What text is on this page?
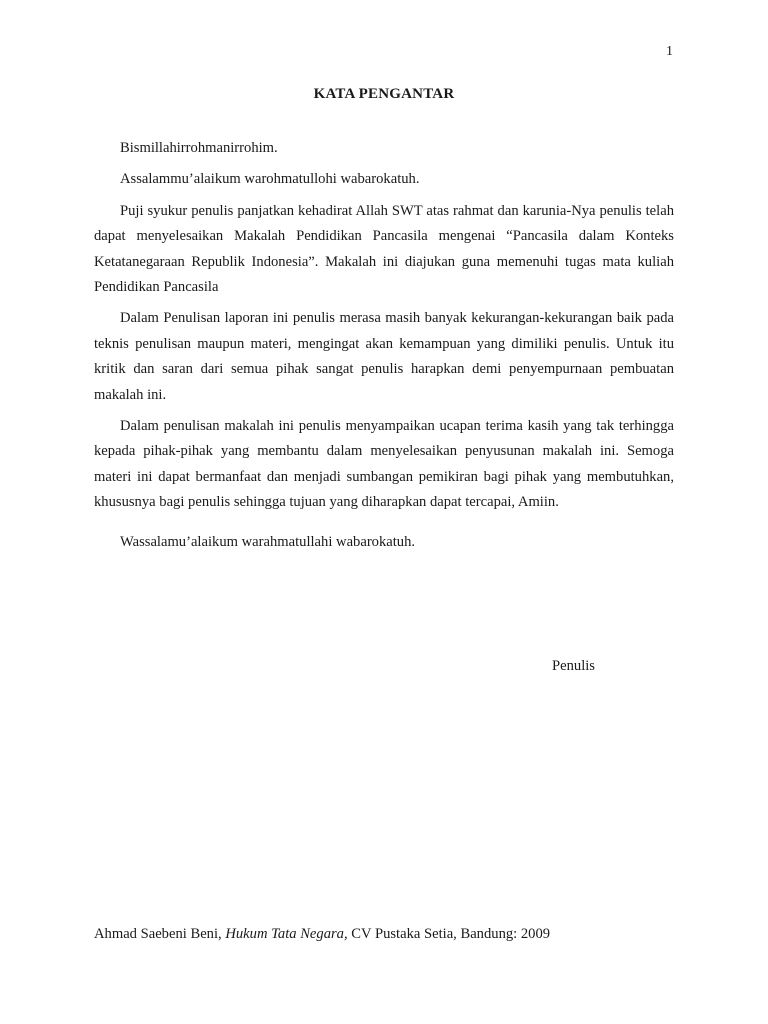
1
KATA PENGANTAR

Bismillahirrohmanirrohim.

Assalammu’alaikum warohmatullohi wabarokatuh.

Puji syukur penulis panjatkan kehadirat Allah SWT atas rahmat dan karunia-Nya penulis telah dapat menyelesaikan Makalah Pendidikan Pancasila mengenai “Pancasila dalam Konteks Ketatanegaraan Republik Indonesia”. Makalah ini diajukan guna memenuhi tugas mata kuliah Pendidikan Pancasila

Dalam Penulisan laporan ini penulis merasa masih banyak kekurangan-kekurangan baik pada teknis penulisan maupun materi, mengingat akan kemampuan yang dimiliki penulis. Untuk itu kritik dan saran dari semua pihak sangat penulis harapkan demi penyempurnaan pembuatan makalah ini.

Dalam penulisan makalah ini penulis menyampaikan ucapan terima kasih yang tak terhingga kepada pihak-pihak yang membantu dalam menyelesaikan penyusunan makalah ini. Semoga materi ini dapat bermanfaat dan menjadi sumbangan pemikiran bagi pihak yang membutuhkan, khususnya bagi penulis sehingga tujuan yang diharapkan dapat tercapai, Amiin.

Wassalamu’alaikum warahmatullahi wabarokatuh.

Penulis
Ahmad Saebeni Beni, Hukum Tata Negara, CV Pustaka Setia, Bandung: 2009
